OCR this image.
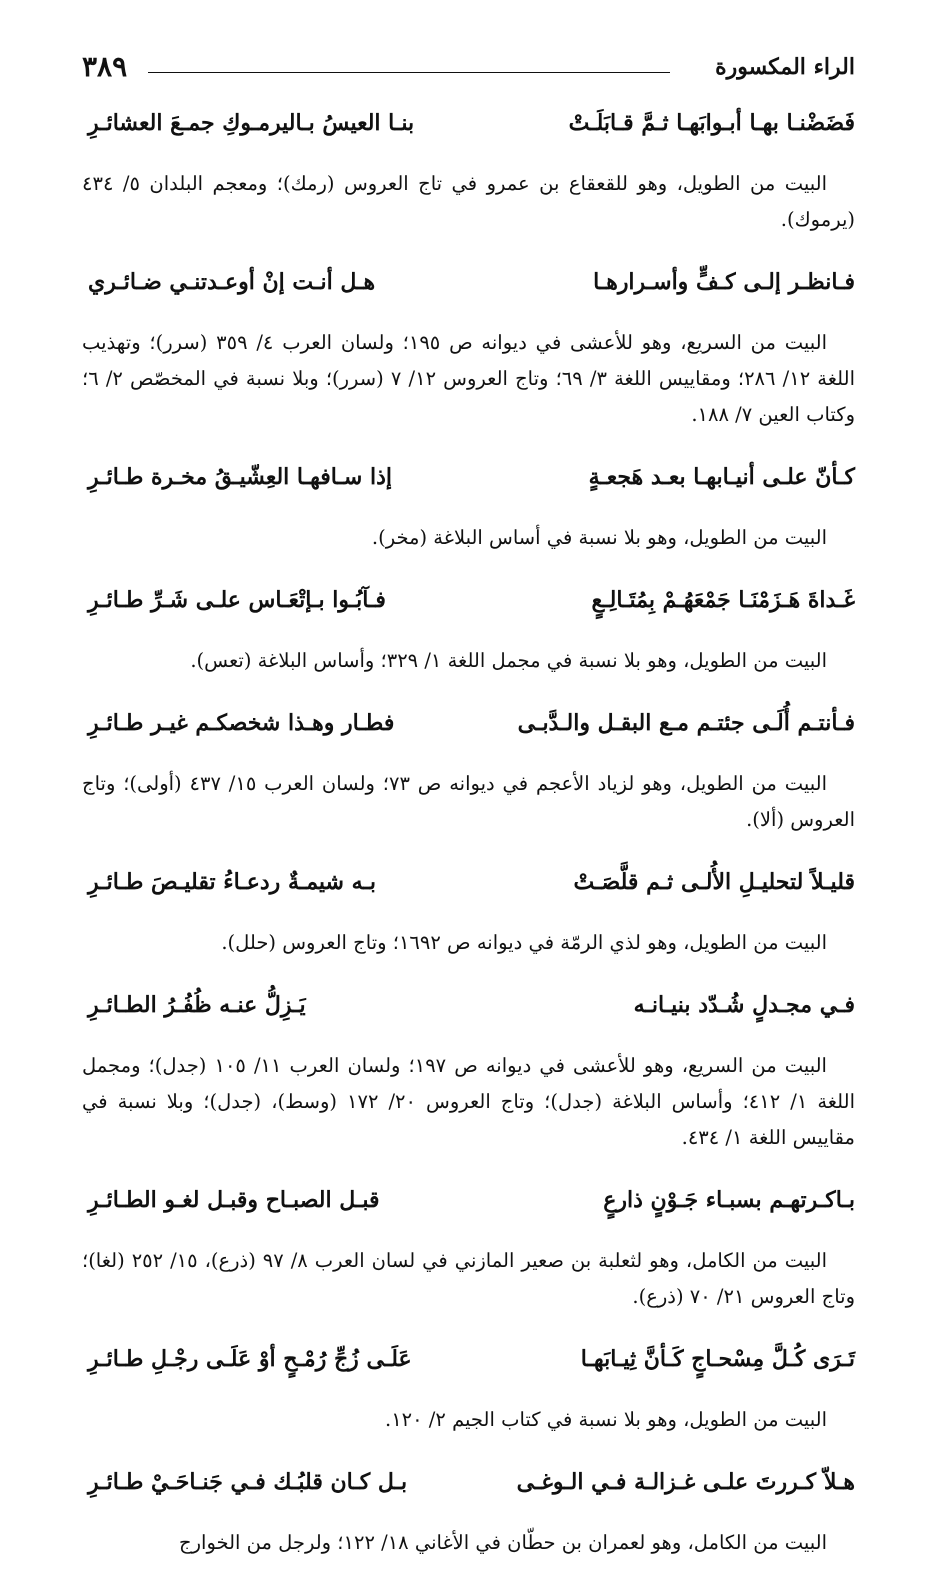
الراء المكسورة
٣٨٩
فَضَضْنـا بهـا أبـوابَهـا ثـمَّ قـابَلَـتْ
بنـا العيسُ بـاليرمـوكِ جمـعَ العشائـرِ

البيت من الطويل، وهو للقعقاع بن عمرو في تاج العروس (رمك)؛ ومعجم البلدان ٥/ ٤٣٤ (يرموك).

فـانظـر إلـى كـفٍّ وأسـرارهـا
هـل أنـت إنْ أوعـدتنـي ضـائـري

البيت من السريع، وهو للأعشى في ديوانه ص ١٩٥؛ ولسان العرب ٤/ ٣٥٩ (سرر)؛ وتهذيب اللغة ١٢/ ٢٨٦؛ ومقاييس اللغة ٣/ ٦٩؛ وتاج العروس ١٢/ ٧ (سرر)؛ وبلا نسبة في المخصّص ٢/ ٦؛ وكتاب العين ٧/ ١٨٨.

كـأنّ علـى أنيـابهـا بعـد هَجعـةٍ
إذا سـافهـا العِشّيـقُ مخـرة طـائـرِ

البيت من الطويل، وهو بلا نسبة في أساس البلاغة (مخر).

غَـداةَ هَـزَمْنَـا جَمْعَهُـمْ بِمُتَـالِـعٍ
فـآبُـوا بـإتْعَـاس علـى شَـرِّ طـائـرِ

البيت من الطويل، وهو بلا نسبة في مجمل اللغة ١/ ٣٢٩؛ وأساس البلاغة (تعس).

فـأنتـم أُلَـى جئتـم مـع البقـل والـدَّبـى
فطـار وهـذا شخصكـم غيـر طـائـرِ

البيت من الطويل، وهو لزياد الأعجم في ديوانه ص ٧٣؛ ولسان العرب ١٥/ ٤٣٧ (أولى)؛ وتاج العروس (ألا).

قليـلاً لتحليـلِ الأُلـى ثـم قلَّصَـتْ
بـه شيمـةٌ ردعـاءُ تقليـصَ طـائـرِ

البيت من الطويل، وهو لذي الرمّة في ديوانه ص ١٦٩٢؛ وتاج العروس (حلل).

فـي مجـدلٍ شُـدّد بنيـانـه
يَـزِلُّ عنـه ظُفُـرُ الطـائـرِ

البيت من السريع، وهو للأعشى في ديوانه ص ١٩٧؛ ولسان العرب ١١/ ١٠٥ (جدل)؛ ومجمل اللغة ١/ ٤١٢؛ وأساس البلاغة (جدل)؛ وتاج العروس ٢٠/ ١٧٢ (وسط)، (جدل)؛ وبلا نسبة في مقاييس اللغة ١/ ٤٣٤.

بـاكـرتهـم بسبـاء جَـوْنٍ ذارعٍ
قبـل الصبـاح وقبـل لغـو الطـائـرِ

البيت من الكامل، وهو لثعلبة بن صعير المازني في لسان العرب ٨/ ٩٧ (ذرع)، ١٥/ ٢٥٢ (لغا)؛ وتاج العروس ٢١/ ٧٠ (ذرع).

تَـرَى كُـلَّ مِسْحـاجٍ كَـأنَّ ثِيـابَهـا
عَلَـى زُجِّ رُمْـحٍ أوْ عَلَـى رجْـلِ طـائـرِ

البيت من الطويل، وهو بلا نسبة في كتاب الجيم ٢/ ١٢٠.

هـلاّ كـررتَ علـى غـزالـة فـي الـوغـى
بـل كـان قلبُـك فـي جَنـاحَـيْ طـائـرِ

البيت من الكامل، وهو لعمران بن حطّان في الأغاني ١٨/ ١٢٢؛ ولرجل من الخوارج
